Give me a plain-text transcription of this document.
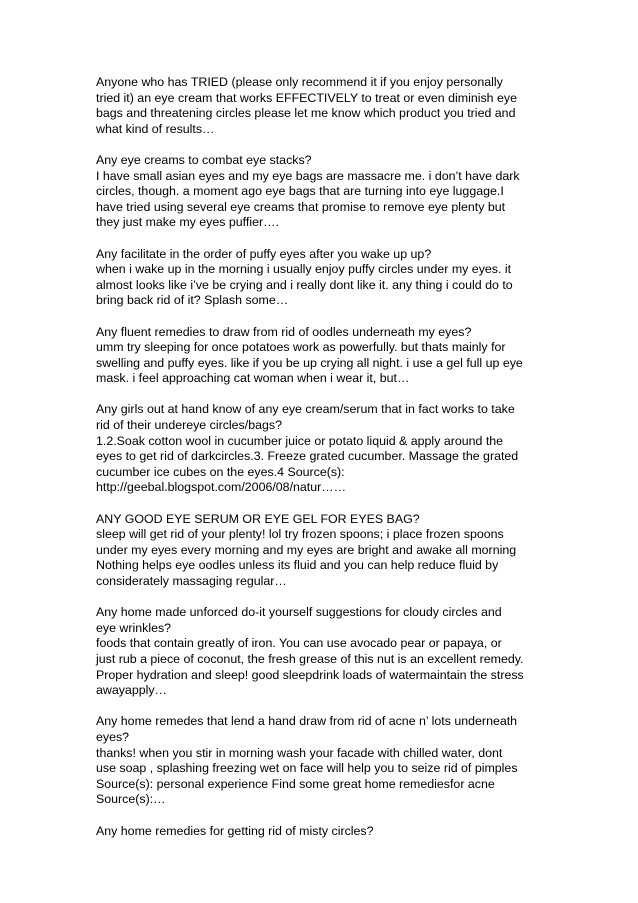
Anyone who has TRIED (please only recommend it if you enjoy personally
tried it) an eye cream that works EFFECTIVELY to treat or even diminish eye
bags and threatening circles please let me know which product you tried and
what kind of results…
Any eye creams to combat eye stacks?
I have small asian eyes and my eye bags are massacre me. i don’t have dark
circles, though. a moment ago eye bags that are turning into eye luggage.I
have tried using several eye creams that promise to remove eye plenty but
they just make my eyes puffier….
Any facilitate in the order of puffy eyes after you wake up up?
when i wake up in the morning i usually enjoy puffy circles under my eyes. it
almost looks like i’ve be crying and i really dont like it. any thing i could do to
bring back rid of it? Splash some…
Any fluent remedies to draw from rid of oodles underneath my eyes?
umm try sleeping for once potatoes work as powerfully. but thats mainly for
swelling and puffy eyes. like if you be up crying all night. i use a gel full up eye
mask. i feel approaching cat woman when i wear it, but…
Any girls out at hand know of any eye cream/serum that in fact works to take
rid of their undereye circles/bags?
1.2.Soak cotton wool in cucumber juice or potato liquid & apply around the
eyes to get rid of darkcircles.3. Freeze grated cucumber. Massage the grated
cucumber ice cubes on the eyes.4 Source(s):
http://geebal.blogspot.com/2006/08/natur……
ANY GOOD EYE SERUM OR EYE GEL FOR EYES BAG?
sleep will get rid of your plenty! lol try frozen spoons; i place frozen spoons
under my eyes every morning and my eyes are bright and awake all morning
Nothing helps eye oodles unless its fluid and you can help reduce fluid by
considerately massaging regular…
Any home made unforced do-it yourself suggestions for cloudy circles and
eye wrinkles?
foods that contain greatly of iron. You can use avocado pear or papaya, or
just rub a piece of coconut, the fresh grease of this nut is an excellent remedy.
Proper hydration and sleep! good sleepdrink loads of watermaintain the stress
awayapply…
Any home remedes that lend a hand draw from rid of acne n’ lots underneath
eyes?
thanks! when you stir in morning wash your facade with chilled water, dont
use soap , splashing freezing wet on face will help you to seize rid of pimples
Source(s): personal experience Find some great home remediesfor acne
Source(s):…
Any home remedies for getting rid of misty circles?
